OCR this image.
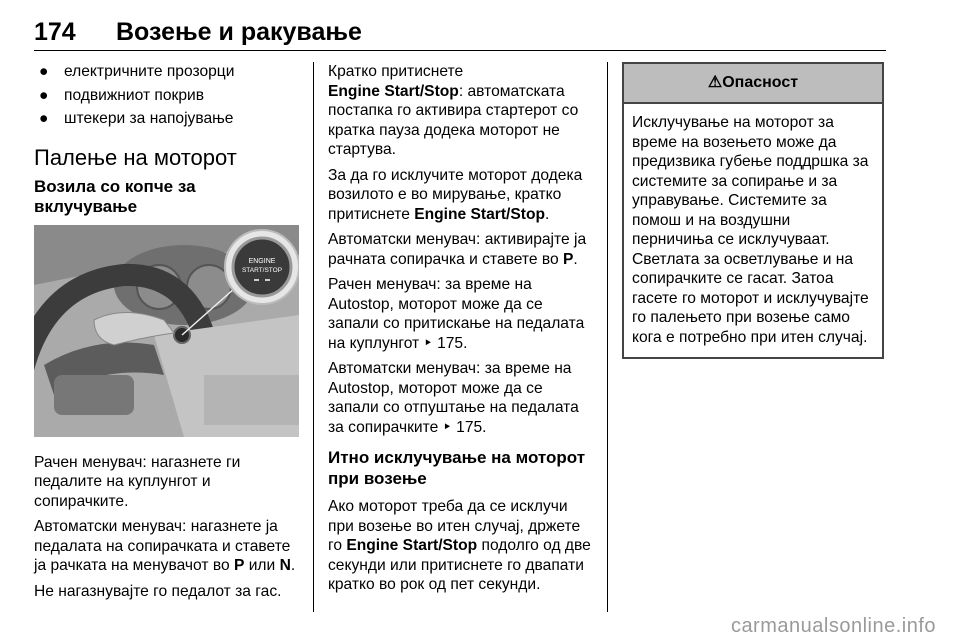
174 Возење и ракување
● електричните прозорци
● подвижниот покрив
● штекери за напојување
Палење на моторот
Возила со копче за вклучување
ENGINE
START/STOP

Рачен менувач: нагазнете ги педалите на куплунгот и сопирачките.

Автоматски менувач: нагазнете ја педалата на сопирачката и ставете ја рачката на менувачот во P или N.

Не нагазнувајте го педалот за гас.

Кратко притиснете
Engine Start/Stop: автоматската постапка го активира стартерот со кратка пауза додека моторот не стартува.

За да го исклучите моторот додека возилото е во мирување, кратко притиснете Engine Start/Stop.

Автоматски менувач: активирајте ја рачната сопирачка и ставете во P.

Рачен менувач: за време на Autostop, моторот може да се запали со притискање на педалата на куплунгот ‣ 175.

Автоматски менувач: за време на Autostop, моторот може да се запали со отпуштање на педалата за сопирачките ‣ 175.

Итно исклучување на моторот при возење

Ако моторот треба да се исклучи при возење во итен случај, држете го Engine Start/Stop подолго од две секунди или притиснете го двапати кратко во рок од пет секунди.

⚠Опасност
Исклучување на моторот за време на возењето може да предизвика губење поддршка за системите за сопирање и за управување. Системите за помош и на воздушни перничиња се исклучуваат. Светлата за осветлување и на сопирачките се гасат. Затоа гасете го моторот и исклучувајте го палењето при возење само кога е потребно при итен случај.
carmanualsonline.info
